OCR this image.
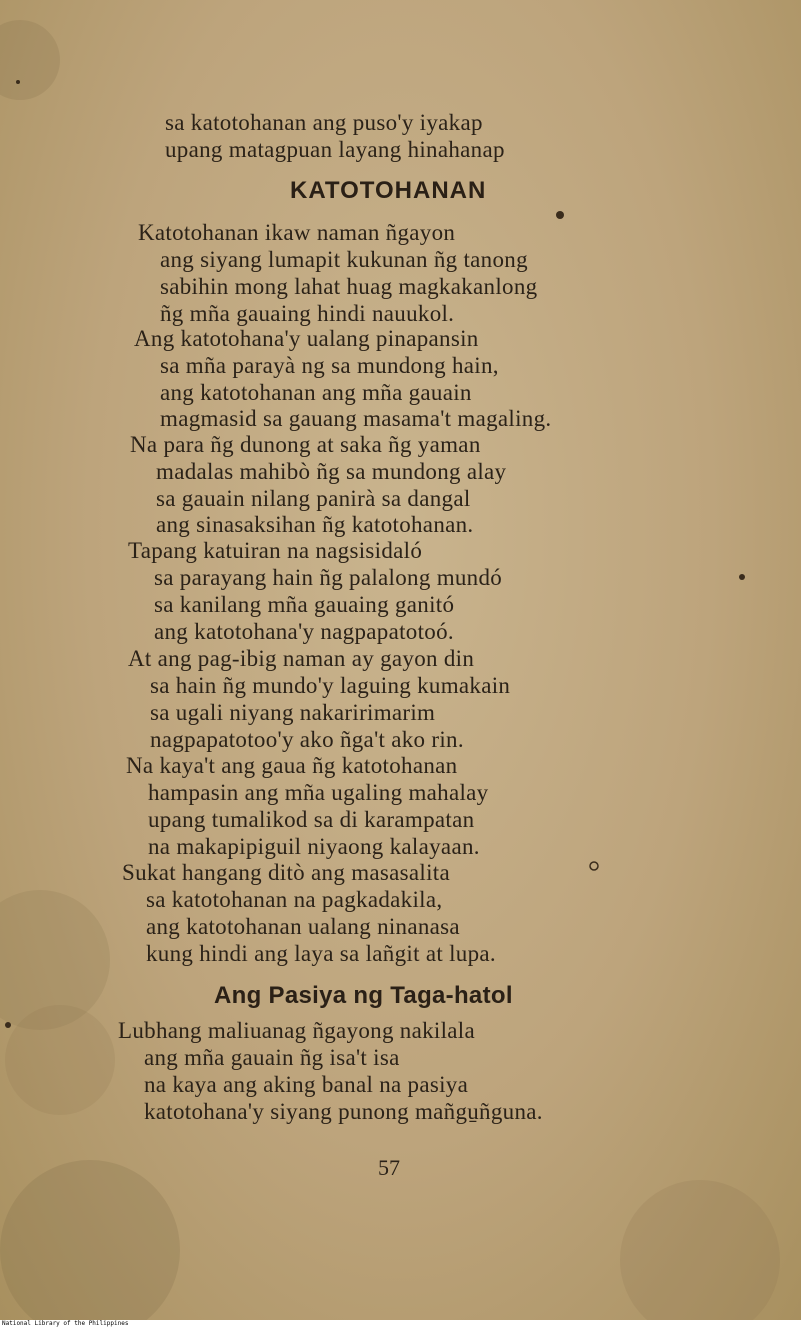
sa katotohanan ang puso'y iyakap
upang matagpuan layang hinahanap
KATOTOHANAN
Katotohanan ikaw naman ñgayon
ang siyang lumapit kukunan ñg tanong
sabihin mong lahat huag magkakanlong
ñg mña gauaing hindi nauukol.
Ang katotohana'y ualang pinapansin
sa mña parayà ng sa mundong hain,
ang katotohanan ang mña gauain
magmasid sa gauang masama't magaling.
Na para ñg dunong at saka ñg yaman
madalas mahibò ñg sa mundong alay
sa gauain nilang panirà sa dangal
ang sinasaksihan ñg katotohanan.
Tapang katuiran na nagsisidaló
sa parayang hain ñg palalong mundó
sa kanilang mña gauaing ganitó
ang katotohana'y nagpapatotoó.
At ang pag-ibig naman ay gayon din
sa hain ñg mundo'y laguing kumakain
sa ugali niyang nakaririmarim
nagpapatotoo'y ako ñga't ako rin.
Na kaya't ang gaua ñg katotohanan
hampasin ang mña ugaling mahalay
upang tumalikod sa di karampatan
na makapipiguil niyaong kalayaan.
Sukat hangang ditò ang masasalita
sa katotohanan na pagkadakila,
ang katotohanan ualang ninanasa
kung hindi ang laya sa lañgit at lupa.
Ang Pasiya ng Taga-hatol
Lubhang maliuanag ñgayong nakilala
ang mña gauain ñg isa't isa
na kaya ang aking banal na pasiya
katotohana'y siyang punong mañgu̱ñguna.
57
National Library of the Philippines
